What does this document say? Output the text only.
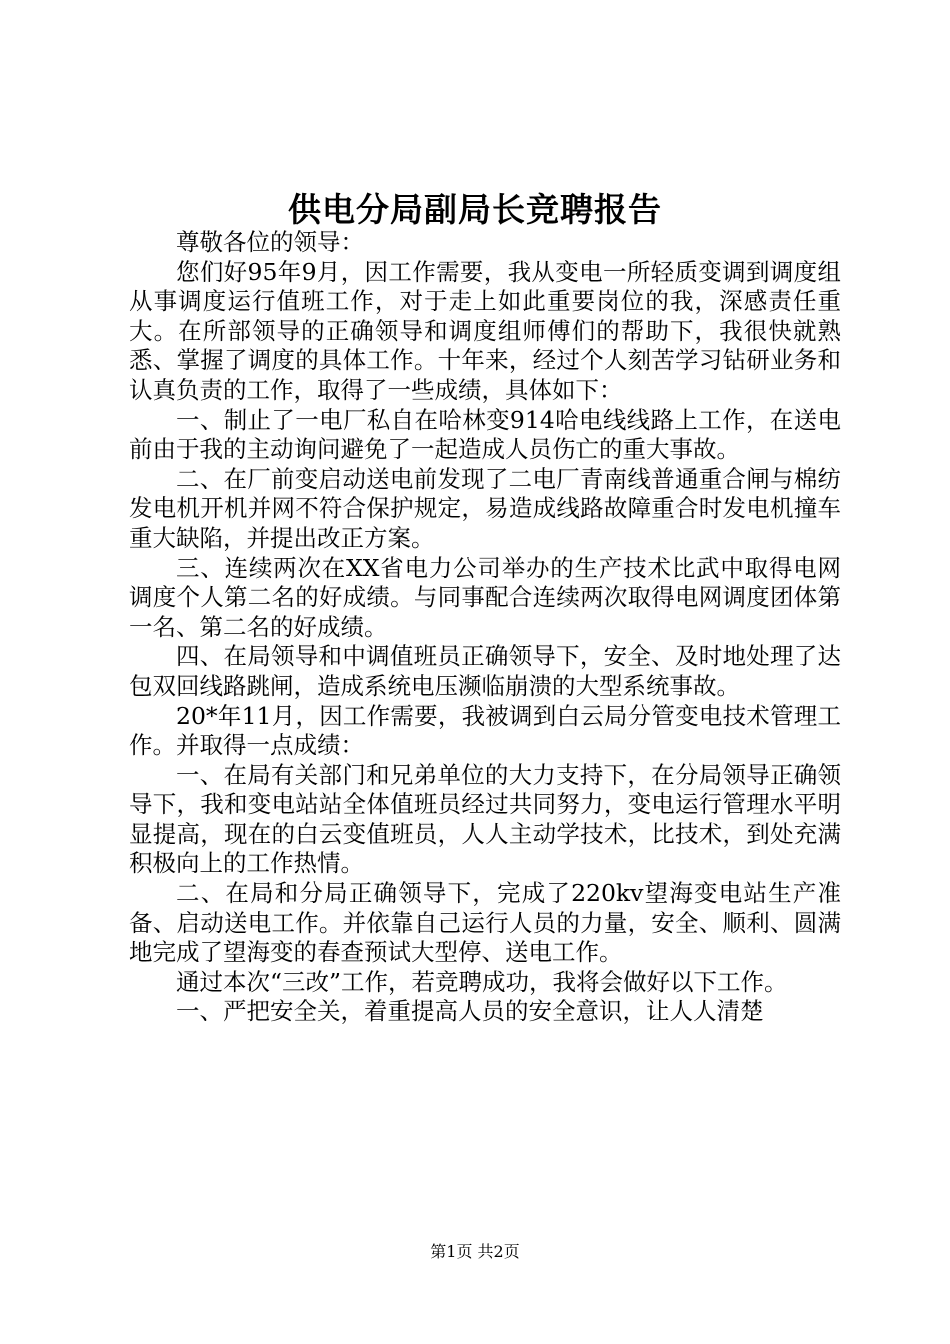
供电分局副局长竞聘报告

尊敬各位的领导：

您们好95年9月，因工作需要，我从变电一所轻质变调到调度组从事调度运行值班工作，对于走上如此重要岗位的我，深感责任重大。在所部领导的正确领导和调度组师傅们的帮助下，我很快就熟悉、掌握了调度的具体工作。十年来，经过个人刻苦学习钻研业务和认真负责的工作，取得了一些成绩，具体如下：

一、制止了一电厂私自在哈林变914哈电线线路上工作，在送电前由于我的主动询问避免了一起造成人员伤亡的重大事故。

二、在厂前变启动送电前发现了二电厂青南线普通重合闸与棉纺发电机开机并网不符合保护规定，易造成线路故障重合时发电机撞车重大缺陷，并提出改正方案。

三、连续两次在XX省电力公司举办的生产技术比武中取得电网调度个人第二名的好成绩。与同事配合连续两次取得电网调度团体第一名、第二名的好成绩。

四、在局领导和中调值班员正确领导下，安全、及时地处理了达包双回线路跳闸，造成系统电压濒临崩溃的大型系统事故。

20*年11月，因工作需要，我被调到白云局分管变电技术管理工作。并取得一点成绩：

一、在局有关部门和兄弟单位的大力支持下，在分局领导正确领导下，我和变电站站全体值班员经过共同努力，变电运行管理水平明显提高，现在的白云变值班员，人人主动学技术，比技术，到处充满积极向上的工作热情。

二、在局和分局正确领导下，完成了220kv望海变电站生产准备、启动送电工作。并依靠自己运行人员的力量，安全、顺利、圆满地完成了望海变的春查预试大型停、送电工作。

通过本次“三改”工作，若竞聘成功，我将会做好以下工作。

一、严把安全关，着重提高人员的安全意识，让人人清楚

第1页 共2页
